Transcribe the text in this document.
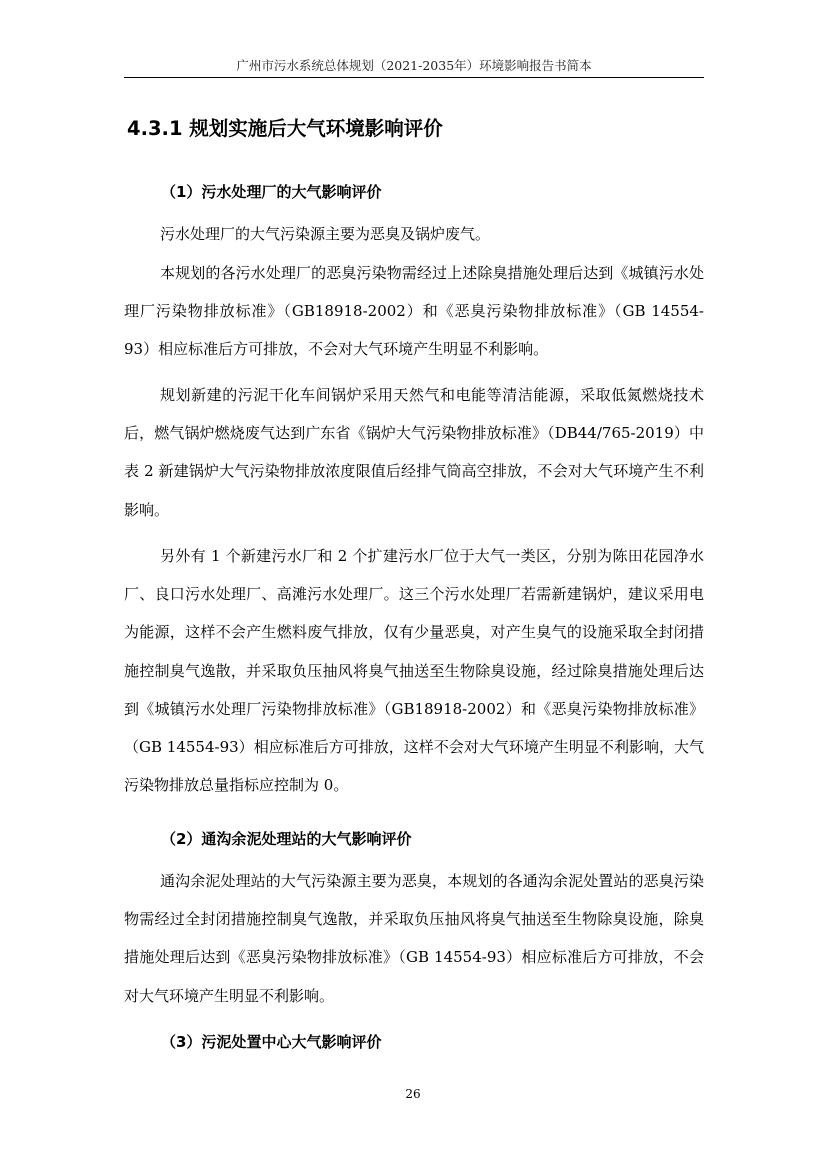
广州市污水系统总体规划（2021-2035年）环境影响报告书简本
4.3.1 规划实施后大气环境影响评价
（1）污水处理厂的大气影响评价

污水处理厂的大气污染源主要为恶臭及锅炉废气。

本规划的各污水处理厂的恶臭污染物需经过上述除臭措施处理后达到《城镇污水处理厂污染物排放标准》（GB18918-2002）和《恶臭污染物排放标准》（GB 14554-93）相应标准后方可排放，不会对大气环境产生明显不利影响。

规划新建的污泥干化车间锅炉采用天然气和电能等清洁能源，采取低氮燃烧技术后，燃气锅炉燃烧废气达到广东省《锅炉大气污染物排放标准》（DB44/765-2019）中表 2 新建锅炉大气污染物排放浓度限值后经排气筒高空排放，不会对大气环境产生不利影响。

另外有 1 个新建污水厂和 2 个扩建污水厂位于大气一类区，分别为陈田花园净水厂、良口污水处理厂、高滩污水处理厂。这三个污水处理厂若需新建锅炉，建议采用电为能源，这样不会产生燃料废气排放，仅有少量恶臭，对产生臭气的设施采取全封闭措施控制臭气逸散，并采取负压抽风将臭气抽送至生物除臭设施，经过除臭措施处理后达到《城镇污水处理厂污染物排放标准》（GB18918-2002）和《恶臭污染物排放标准》（GB 14554-93）相应标准后方可排放，这样不会对大气环境产生明显不利影响，大气污染物排放总量指标应控制为 0。

（2）通沟余泥处理站的大气影响评价

通沟余泥处理站的大气污染源主要为恶臭，本规划的各通沟余泥处置站的恶臭污染物需经过全封闭措施控制臭气逸散，并采取负压抽风将臭气抽送至生物除臭设施，除臭措施处理后达到《恶臭污染物排放标准》（GB 14554-93）相应标准后方可排放，不会对大气环境产生明显不利影响。

（3）污泥处置中心大气影响评价
26
